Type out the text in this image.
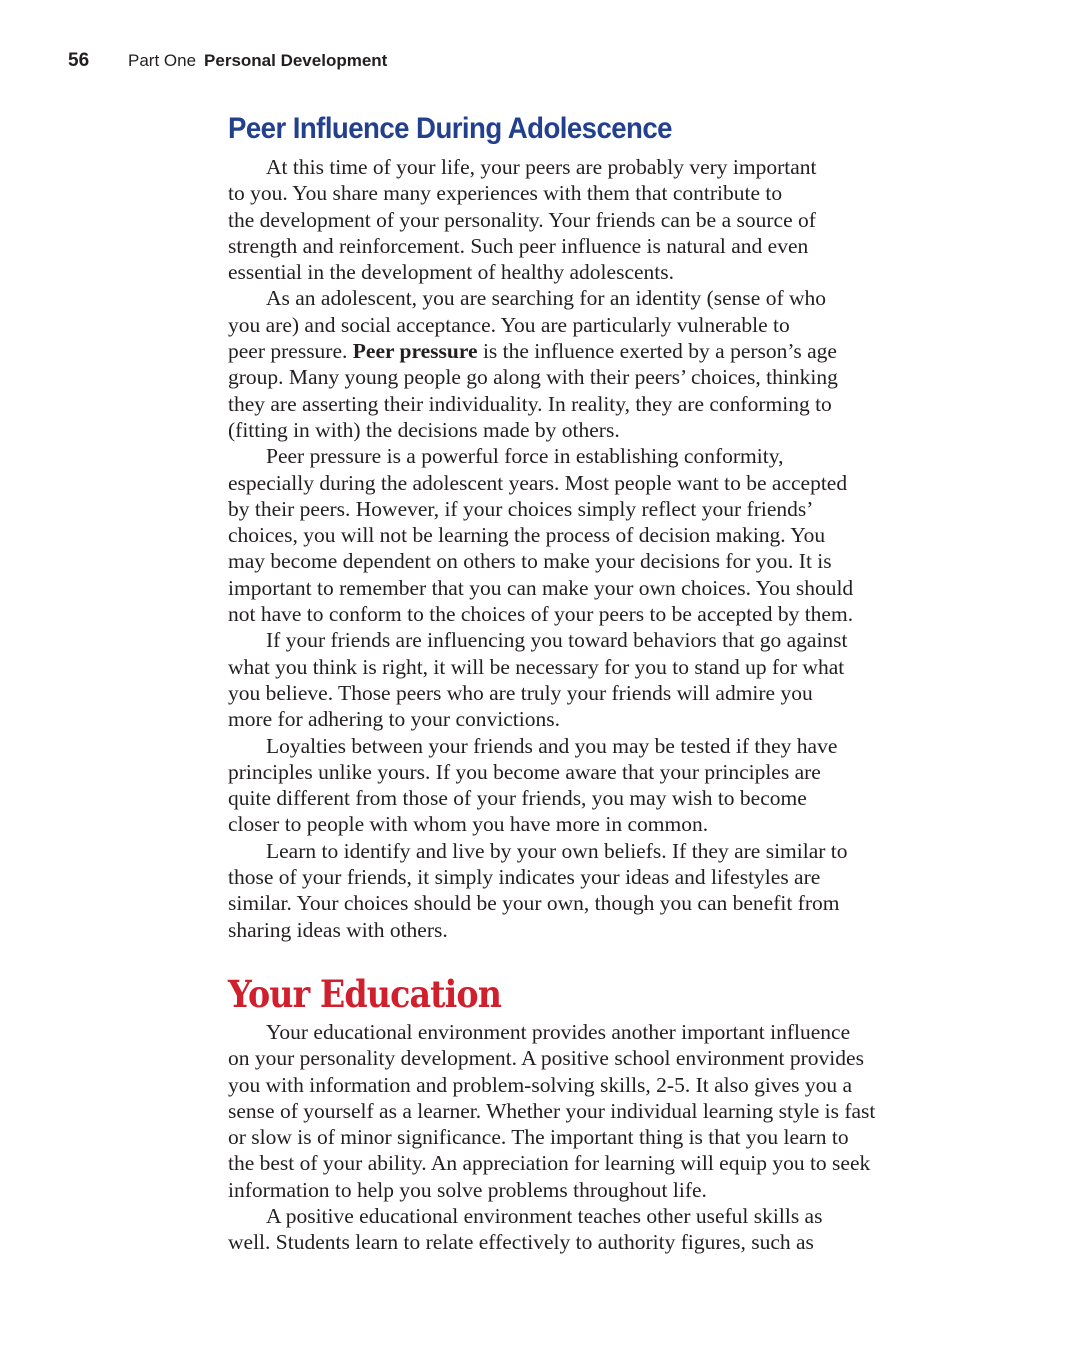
56 Part One Personal Development
Peer Influence During Adolescence

At this time of your life, your peers are probably very important
to you. You share many experiences with them that contribute to
the development of your personality. Your friends can be a source of
strength and reinforcement. Such peer influence is natural and even
essential in the development of healthy adolescents.

As an adolescent, you are searching for an identity (sense of who
you are) and social acceptance. You are particularly vulnerable to
peer pressure. Peer pressure is the influence exerted by a person’s age
group. Many young people go along with their peers’ choices, thinking
they are asserting their individuality. In reality, they are conforming to
(fitting in with) the decisions made by others.

Peer pressure is a powerful force in establishing conformity,
especially during the adolescent years. Most people want to be accepted
by their peers. However, if your choices simply reflect your friends’
choices, you will not be learning the process of decision making. You
may become dependent on others to make your decisions for you. It is
important to remember that you can make your own choices. You should
not have to conform to the choices of your peers to be accepted by them.

If your friends are influencing you toward behaviors that go against
what you think is right, it will be necessary for you to stand up for what
you believe. Those peers who are truly your friends will admire you
more for adhering to your convictions.

Loyalties between your friends and you may be tested if they have
principles unlike yours. If you become aware that your principles are
quite different from those of your friends, you may wish to become
closer to people with whom you have more in common.

Learn to identify and live by your own beliefs. If they are similar to
those of your friends, it simply indicates your ideas and lifestyles are
similar. Your choices should be your own, though you can benefit from
sharing ideas with others.

Your Education

Your educational environment provides another important influence
on your personality development. A positive school environment provides
you with information and problem-solving skills, 2-5. It also gives you a
sense of yourself as a learner. Whether your individual learning style is fast
or slow is of minor significance. The important thing is that you learn to
the best of your ability. An appreciation for learning will equip you to seek
information to help you solve problems throughout life.

A positive educational environment teaches other useful skills as
well. Students learn to relate effectively to authority figures, such as
